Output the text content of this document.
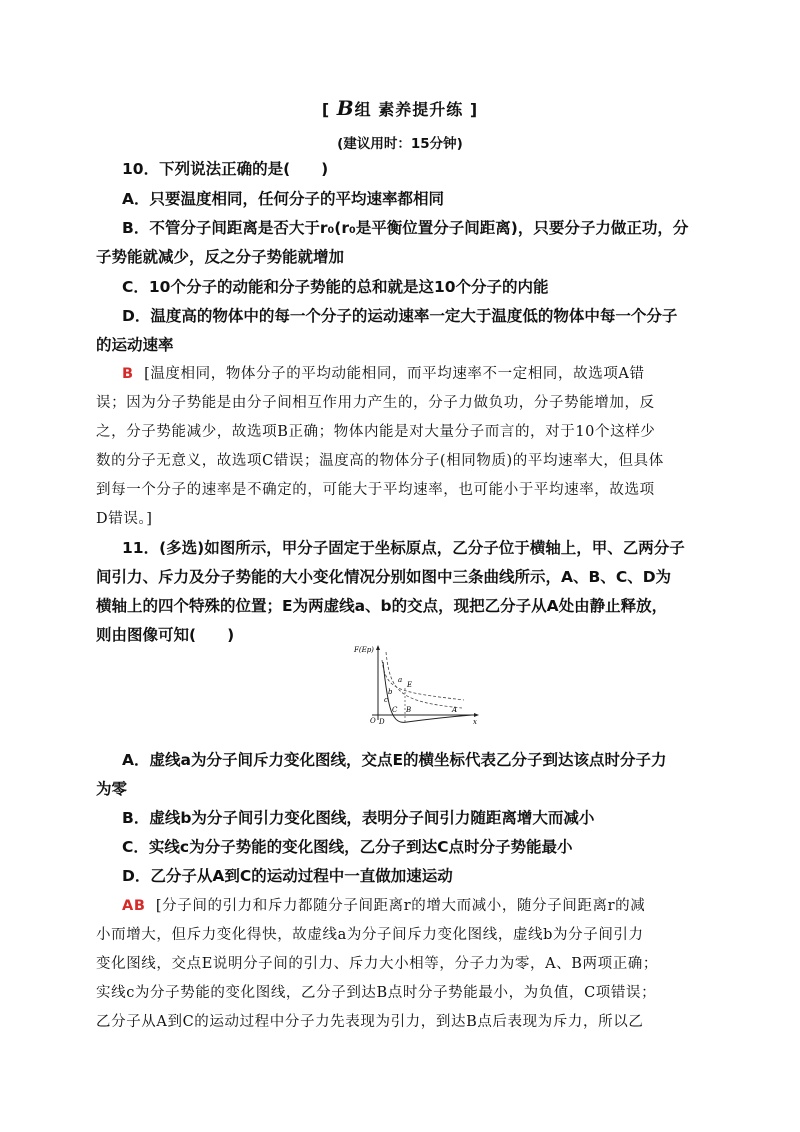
[ B组 素养提升练 ]
(建议用时：15分钟)
10．下列说法正确的是(　　)
A．只要温度相同，任何分子的平均速率都相同
B．不管分子间距离是否大于r₀(r₀是平衡位置分子间距离)，只要分子力做正功，分
子势能就减少，反之分子势能就增加
C．10个分子的动能和分子势能的总和就是这10个分子的内能
D．温度高的物体中的每一个分子的运动速率一定大于温度低的物体中每一个分子
的运动速率
B [温度相同，物体分子的平均动能相同，而平均速率不一定相同，故选项A错
误；因为分子势能是由分子间相互作用力产生的，分子力做负功，分子势能增加，反
之，分子势能减少，故选项B正确；物体内能是对大量分子而言的，对于10个这样少
数的分子无意义，故选项C错误；温度高的物体分子(相同物质)的平均速率大，但具体
到每一个分子的速率是不确定的，可能大于平均速率，也可能小于平均速率，故选项
D错误。]
11．(多选)如图所示，甲分子固定于坐标原点，乙分子位于横轴上，甲、乙两分子
间引力、斥力及分子势能的大小变化情况分别如图中三条曲线所示，A、B、C、D为
横轴上的四个特殊的位置；E为两虚线a、b的交点，现把乙分子从A处由静止释放，
则由图像可知(　　)
F(Ep)
x
O
a
b
c
E
C B	A
D
A．虚线a为分子间斥力变化图线，交点E的横坐标代表乙分子到达该点时分子力
为零
B．虚线b为分子间引力变化图线，表明分子间引力随距离增大而减小
C．实线c为分子势能的变化图线，乙分子到达C点时分子势能最小
D．乙分子从A到C的运动过程中一直做加速运动
AB [分子间的引力和斥力都随分子间距离r的增大而减小，随分子间距离r的减
小而增大，但斥力变化得快，故虚线a为分子间斥力变化图线，虚线b为分子间引力
变化图线，交点E说明分子间的引力、斥力大小相等，分子力为零，A、B两项正确；
实线c为分子势能的变化图线，乙分子到达B点时分子势能最小，为负值，C项错误；
乙分子从A到C的运动过程中分子力先表现为引力，到达B点后表现为斥力，所以乙
